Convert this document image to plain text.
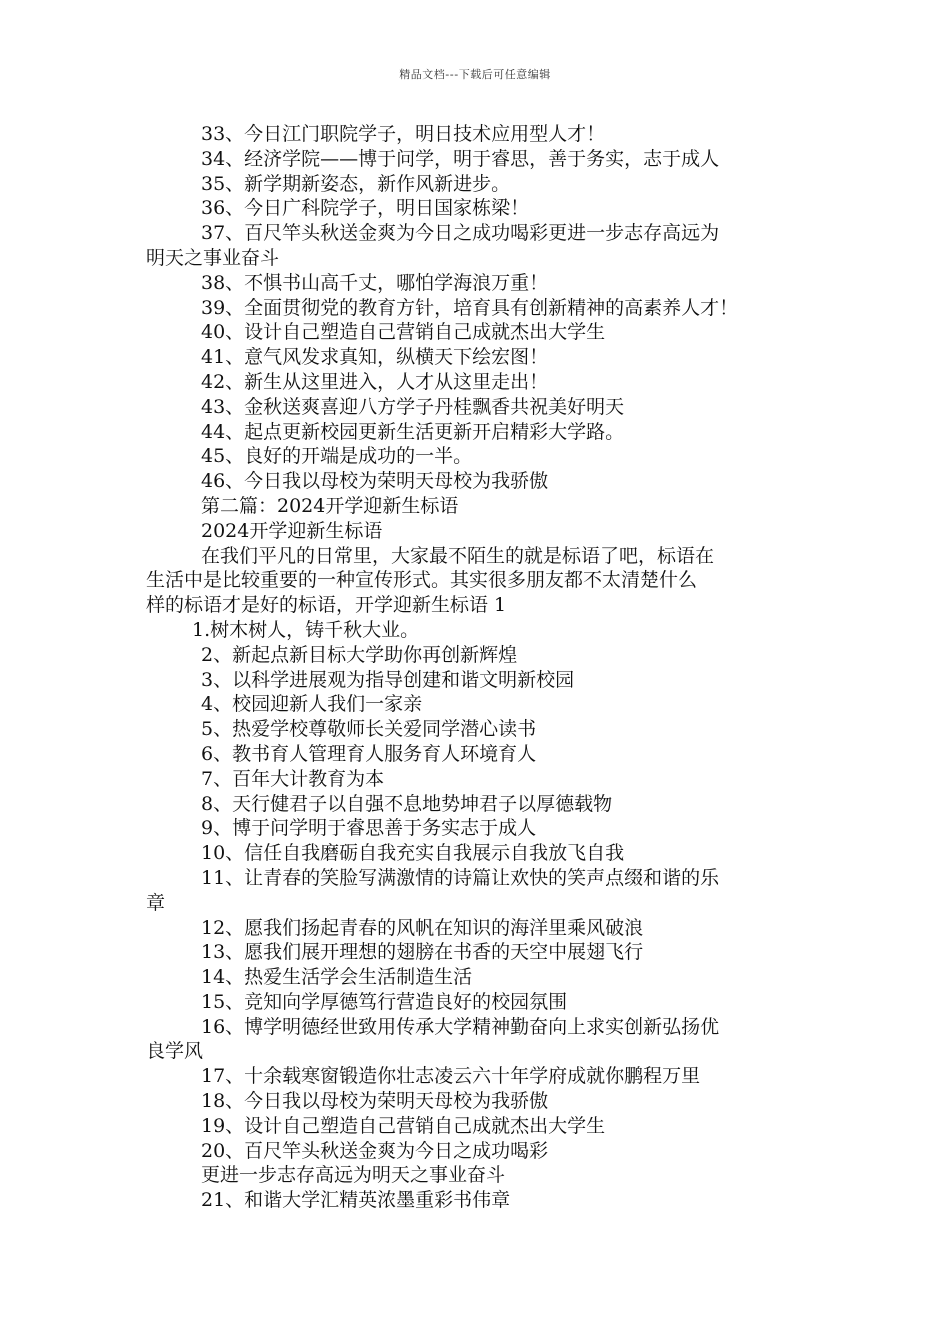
精品文档---下载后可任意编辑
33、今日江门职院学子，明日技术应用型人才！
34、经济学院——博于问学，明于睿思，善于务实，志于成人
35、新学期新姿态，新作风新进步。
36、今日广科院学子，明日国家栋梁！
37、百尺竿头秋送金爽为今日之成功喝彩更进一步志存高远为
明天之事业奋斗
38、不惧书山高千丈，哪怕学海浪万重！
39、全面贯彻党的教育方针，培育具有创新精神的高素养人才！
40、设计自己塑造自己营销自己成就杰出大学生
41、意气风发求真知，纵横天下绘宏图！
42、新生从这里进入，人才从这里走出！
43、金秋送爽喜迎八方学子丹桂飘香共祝美好明天
44、起点更新校园更新生活更新开启精彩大学路。
45、良好的开端是成功的一半。
46、今日我以母校为荣明天母校为我骄傲
第二篇：2024开学迎新生标语
2024开学迎新生标语
在我们平凡的日常里，大家最不陌生的就是标语了吧，标语在
生活中是比较重要的一种宣传形式。其实很多朋友都不太清楚什么
样的标语才是好的标语，开学迎新生标语 1
1.树木树人，铸千秋大业。
2、新起点新目标大学助你再创新辉煌
3、以科学进展观为指导创建和谐文明新校园
4、校园迎新人我们一家亲
5、热爱学校尊敬师长关爱同学潜心读书
6、教书育人管理育人服务育人环境育人
7、百年大计教育为本
8、天行健君子以自强不息地势坤君子以厚德载物
9、博于问学明于睿思善于务实志于成人
10、信任自我磨砺自我充实自我展示自我放飞自我
11、让青春的笑脸写满激情的诗篇让欢快的笑声点缀和谐的乐
章
12、愿我们扬起青春的风帆在知识的海洋里乘风破浪
13、愿我们展开理想的翅膀在书香的天空中展翅飞行
14、热爱生活学会生活制造生活
15、竞知向学厚德笃行营造良好的校园氛围
16、博学明德经世致用传承大学精神勤奋向上求实创新弘扬优
良学风
17、十余载寒窗锻造你壮志凌云六十年学府成就你鹏程万里
18、今日我以母校为荣明天母校为我骄傲
19、设计自己塑造自己营销自己成就杰出大学生
20、百尺竿头秋送金爽为今日之成功喝彩
更进一步志存高远为明天之事业奋斗
21、和谐大学汇精英浓墨重彩书伟章
